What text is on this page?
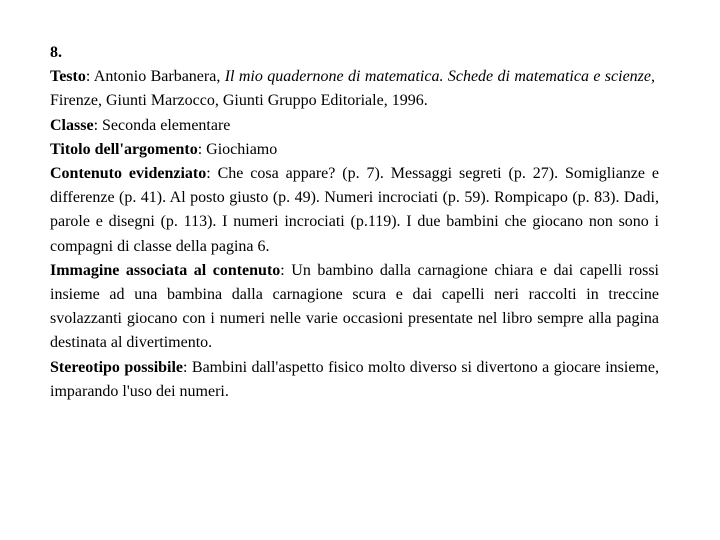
8.

Testo: Antonio Barbanera, Il mio quadernone di matematica. Schede di matematica e scienze,  Firenze, Giunti Marzocco, Giunti Gruppo Editoriale, 1996.

Classe: Seconda elementare

Titolo dell'argomento: Giochiamo

Contenuto evidenziato: Che cosa appare? (p. 7). Messaggi segreti (p. 27). Somiglianze e differenze (p. 41). Al posto giusto (p. 49). Numeri incrociati (p. 59). Rompicapo (p. 83). Dadi, parole e disegni (p. 113). I numeri incrociati (p.119). I due bambini che giocano non sono i compagni di classe della pagina 6.

Immagine associata al contenuto: Un bambino dalla carnagione chiara e dai capelli rossi insieme ad una bambina dalla carnagione scura e dai capelli neri raccolti in treccine svolazzanti giocano con i numeri nelle varie occasioni presentate nel libro sempre alla pagina destinata al divertimento.

Stereotipo possibile: Bambini dall'aspetto fisico molto diverso si divertono a giocare insieme, imparando l'uso dei numeri.
